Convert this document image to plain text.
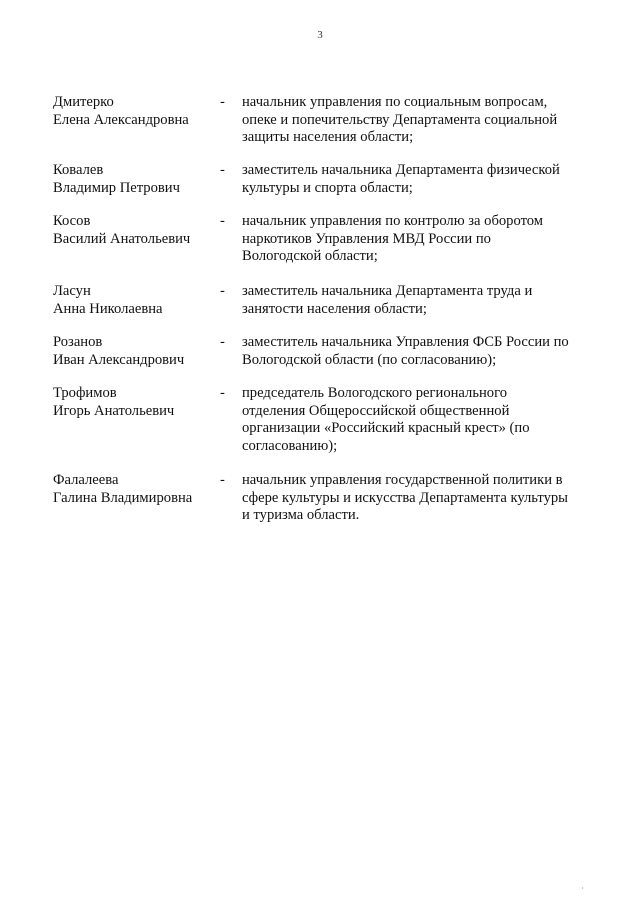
3
Дмитерко
Елена Александровна
- начальник управления по социальным вопросам,
опеке и попечительству Департамента социальной
защиты населения области;
Ковалев
Владимир Петрович
- заместитель начальника Департамента физической
культуры и спорта области;
Косов
Василий Анатольевич
- начальник управления по контролю за оборотом
наркотиков Управления МВД России по
Вологодской области;
Ласун
Анна Николаевна
- заместитель начальника Департамента труда и
занятости населения области;
Розанов
Иван Александрович
- заместитель начальника Управления ФСБ России по
Вологодской области (по согласованию);
Трофимов
Игорь Анатольевич
- председатель Вологодского регионального
отделения Общероссийской общественной
организации «Российский красный крест» (по
согласованию);
Фалалеева
Галина Владимировна
- начальник управления государственной политики в
сфере культуры и искусства Департамента культуры
и туризма области.
·
